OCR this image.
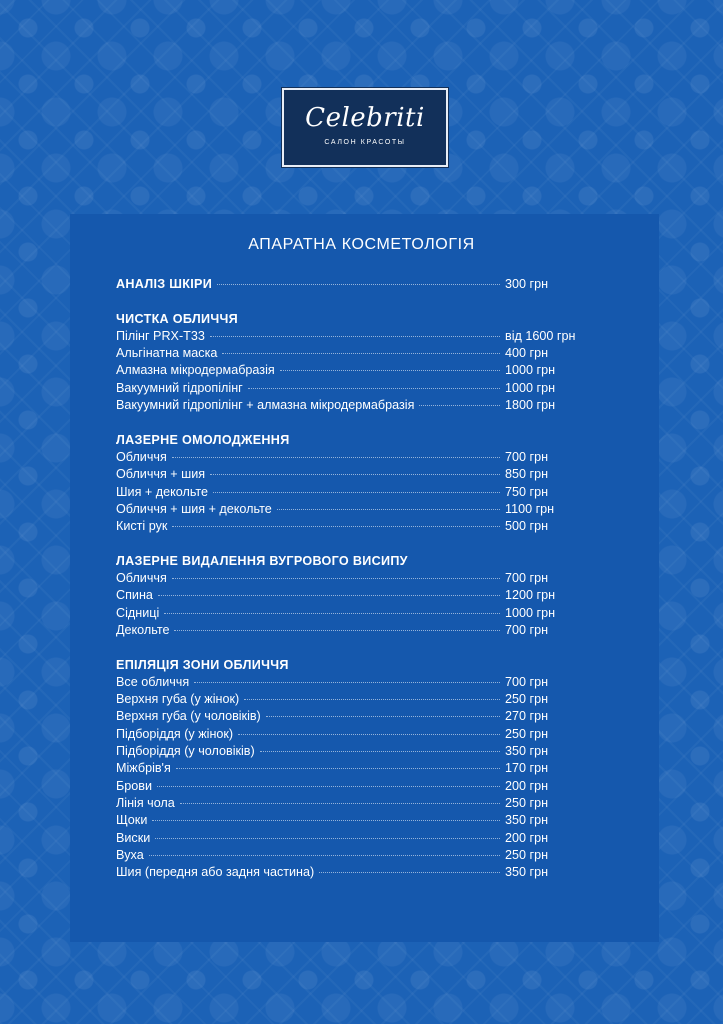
Celebriti
САЛОН КРАСОТЫ
АПАРАТНА КОСМЕТОЛОГІЯ
АНАЛІЗ ШКІРИ	300 грн
ЧИСТКА ОБЛИЧЧЯ
Пілінг PRX-T33	від 1600 грн
Альгінатна маска	400 грн
Алмазна мікродермабразія	1000 грн
Вакуумний гідропілінг	1000 грн
Вакуумний гідропілінг + алмазна мікродермабразія	1800 грн
ЛАЗЕРНЕ ОМОЛОДЖЕННЯ
Обличчя	700 грн
Обличчя + шия	850 грн
Шия + декольте	750 грн
Обличчя + шия + декольте	1100 грн
Кисті рук	500 грн
ЛАЗЕРНЕ ВИДАЛЕННЯ ВУГРОВОГО ВИСИПУ
Обличчя	700 грн
Спина	1200 грн
Сідниці	1000 грн
Декольте	700 грн
ЕПІЛЯЦІЯ ЗОНИ ОБЛИЧЧЯ
Все обличчя	700 грн
Верхня губа (у жінок)	250 грн
Верхня губа (у чоловіків)	270 грн
Підборіддя (у жінок)	250 грн
Підборіддя (у чоловіків)	350 грн
Міжбрів'я	170 грн
Брови	200 грн
Лінія чола	250 грн
Щоки	350 грн
Виски	200 грн
Вуха	250 грн
Шия (передня або задня частина)	350 грн
